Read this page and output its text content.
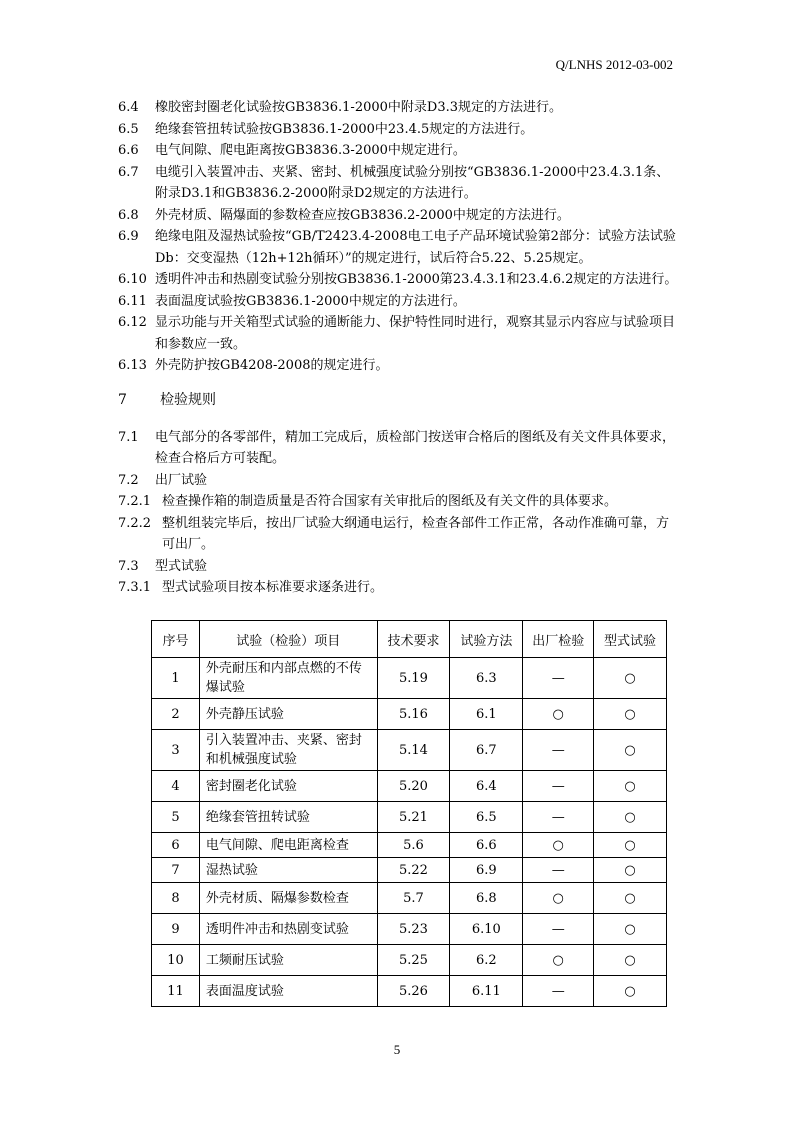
Q/LNHS 2012-03-002
6.4 橡胶密封圈老化试验按GB3836.1-2000中附录D3.3规定的方法进行。
6.5 绝缘套管扭转试验按GB3836.1-2000中23.4.5规定的方法进行。
6.6 电气间隙、爬电距离按GB3836.3-2000中规定进行。
6.7 电缆引入装置冲击、夹紧、密封、机械强度试验分别按“GB3836.1-2000中23.4.3.1条、附录D3.1和GB3836.2-2000附录D2规定的方法进行。
6.8 外壳材质、隔爆面的参数检查应按GB3836.2-2000中规定的方法进行。
6.9 绝缘电阻及湿热试验按“GB/T2423.4-2008电工电子产品环境试验第2部分：试验方法试验Db：交变湿热（12h+12h循环）”的规定进行，试后符合5.22、5.25规定。
6.10 透明件冲击和热剧变试验分别按GB3836.1-2000第23.4.3.1和23.4.6.2规定的方法进行。
6.11 表面温度试验按GB3836.1-2000中规定的方法进行。
6.12 显示功能与开关箱型式试验的通断能力、保护特性同时进行，观察其显示内容应与试验项目和参数应一致。
6.13 外壳防护按GB4208-2008的规定进行。
7 检验规则
7.1 电气部分的各零部件，精加工完成后，质检部门按送审合格后的图纸及有关文件具体要求，检查合格后方可装配。
7.2 出厂试验
7.2.1 检查操作箱的制造质量是否符合国家有关审批后的图纸及有关文件的具体要求。
7.2.2 整机组装完毕后，按出厂试验大纲通电运行，检查各部件工作正常，各动作准确可靠，方可出厂。
7.3 型式试验
7.3.1 型式试验项目按本标准要求逐条进行。
序号	试验（检验）项目	技术要求	试验方法	出厂检验	型式试验
1	外壳耐压和内部点燃的不传爆试验	5.19	6.3	—	○
2	外壳静压试验	5.16	6.1	○	○
3	引入装置冲击、夹紧、密封和机械强度试验	5.14	6.7	—	○
4	密封圈老化试验	5.20	6.4	—	○
5	绝缘套管扭转试验	5.21	6.5	—	○
6	电气间隙、爬电距离检查	5.6	6.6	○	○
7	湿热试验	5.22	6.9	—	○
8	外壳材质、隔爆参数检查	5.7	6.8	○	○
9	透明件冲击和热剧变试验	5.23	6.10	—	○
10	工频耐压试验	5.25	6.2	○	○
11	表面温度试验	5.26	6.11	—	○
5
